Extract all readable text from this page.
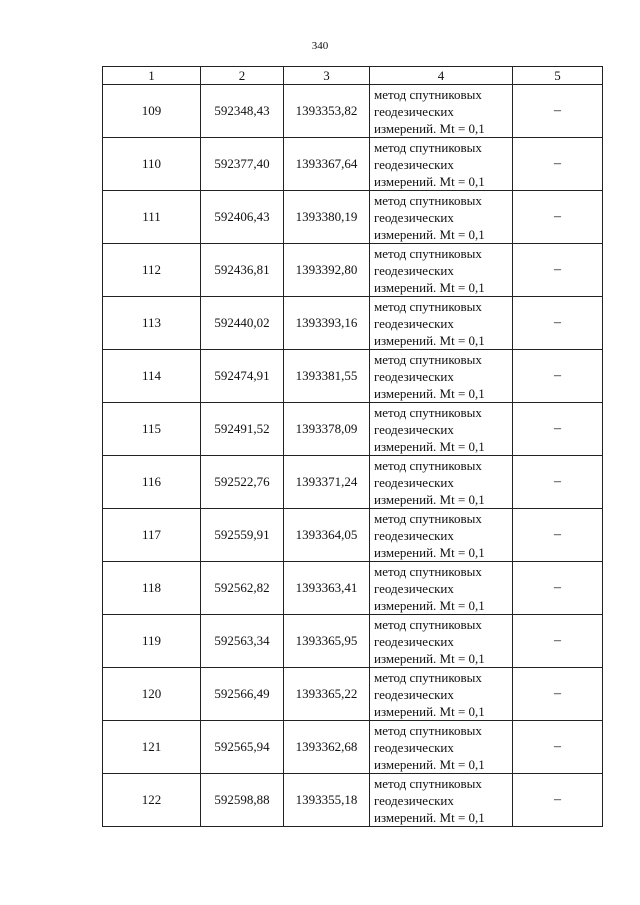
340
1	2	3	4	5
109	592348,43	1393353,82	метод спутниковых
геодезических
измерений. Mt = 0,1	–
110	592377,40	1393367,64	метод спутниковых
геодезических
измерений. Mt = 0,1	–
111	592406,43	1393380,19	метод спутниковых
геодезических
измерений. Mt = 0,1	–
112	592436,81	1393392,80	метод спутниковых
геодезических
измерений. Mt = 0,1	–
113	592440,02	1393393,16	метод спутниковых
геодезических
измерений. Mt = 0,1	–
114	592474,91	1393381,55	метод спутниковых
геодезических
измерений. Mt = 0,1	–
115	592491,52	1393378,09	метод спутниковых
геодезических
измерений. Mt = 0,1	–
116	592522,76	1393371,24	метод спутниковых
геодезических
измерений. Mt = 0,1	–
117	592559,91	1393364,05	метод спутниковых
геодезических
измерений. Mt = 0,1	–
118	592562,82	1393363,41	метод спутниковых
геодезических
измерений. Mt = 0,1	–
119	592563,34	1393365,95	метод спутниковых
геодезических
измерений. Mt = 0,1	–
120	592566,49	1393365,22	метод спутниковых
геодезических
измерений. Mt = 0,1	–
121	592565,94	1393362,68	метод спутниковых
геодезических
измерений. Mt = 0,1	–
122	592598,88	1393355,18	метод спутниковых
геодезических
измерений. Mt = 0,1	–
